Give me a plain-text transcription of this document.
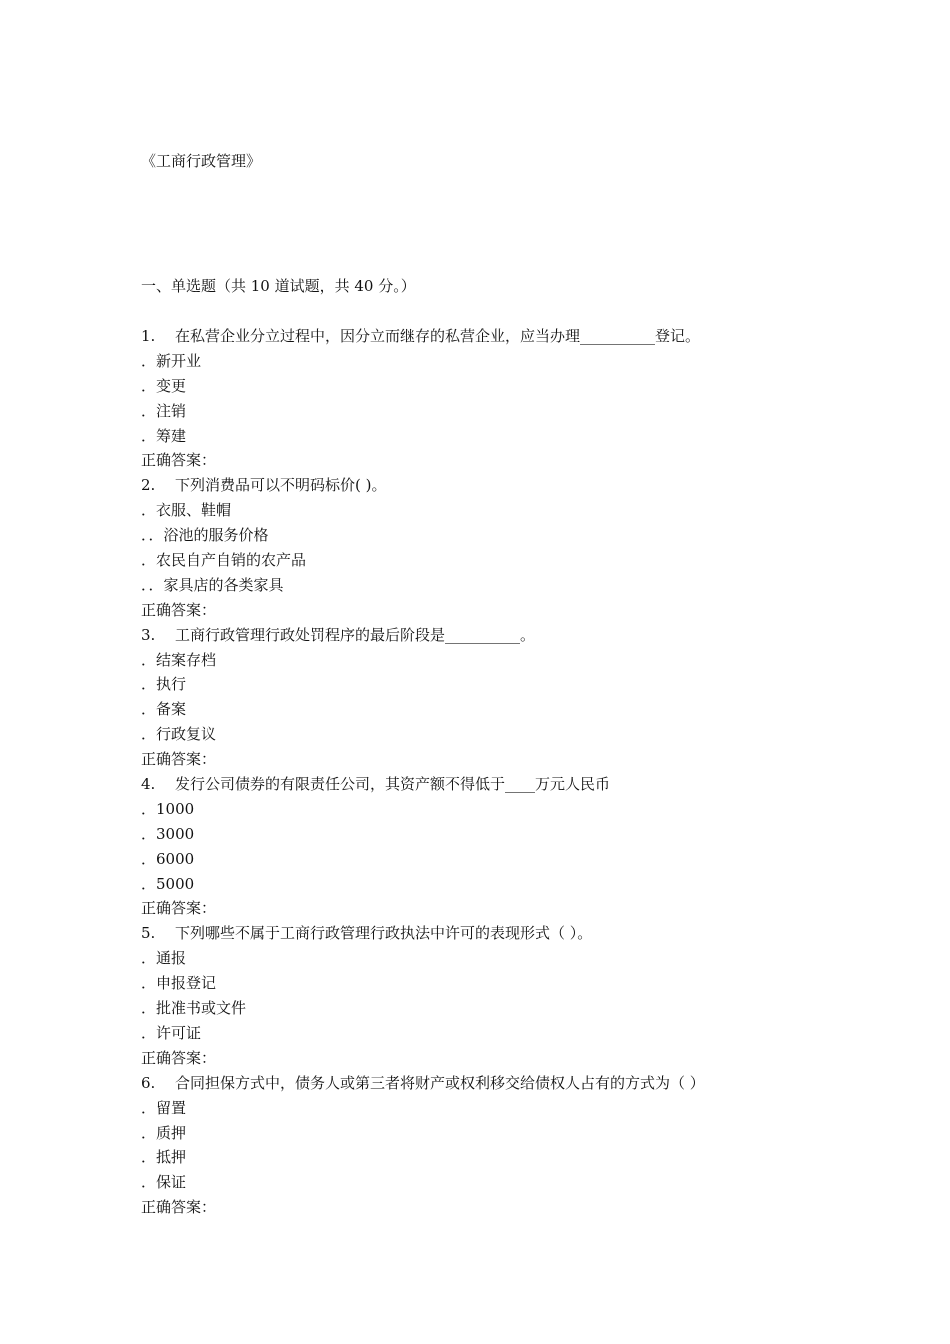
《工商行政管理》
一、单选题（共 10 道试题，共 40 分。）
1. 在私营企业分立过程中，因分立而继存的私营企业，应当办理__________登记。
．新开业
．变更
．注销
．筹建
正确答案：
2. 下列消费品可以不明码标价( )。
．衣服、鞋帽
．．浴池的服务价格
．农民自产自销的农产品
．．家具店的各类家具
正确答案：
3. 工商行政管理行政处罚程序的最后阶段是__________。
．结案存档
．执行
．备案
．行政复议
正确答案：
4. 发行公司债券的有限责任公司，其资产额不得低于____万元人民币
．1000
．3000
．6000
．5000
正确答案：
5. 下列哪些不属于工商行政管理行政执法中许可的表现形式（ ）。
．通报
．申报登记
．批准书或文件
．许可证
正确答案：
6. 合同担保方式中，债务人或第三者将财产或权利移交给债权人占有的方式为（ ）
．留置
．质押
．抵押
．保证
正确答案：
